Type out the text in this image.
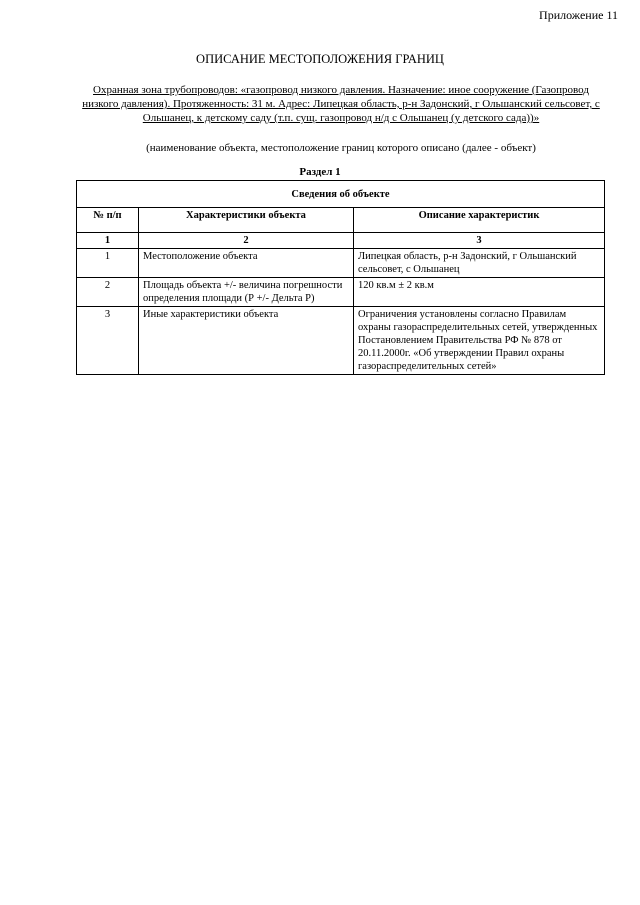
Приложение 11
ОПИСАНИЕ МЕСТОПОЛОЖЕНИЯ ГРАНИЦ
Охранная зона трубопроводов: «газопровод низкого давления. Назначение: иное сооружение (Газопровод низкого давления). Протяженность: 31 м. Адрес: Липецкая область, р-н Задонский, г Ольшанский сельсовет, с Ольшанец, к детскому саду (т.п. сущ. газопровод н/д с Ольшанец (у детского сада))»
(наименование объекта, местоположение границ которого описано (далее - объект)
Раздел 1
Сведения об объекте		
№ п/п	Характеристики объекта	Описание характеристик
1	2	3
1	Местоположение объекта	Липецкая область, р-н Задонский, г Ольшанский сельсовет, с Ольшанец
2	Площадь объекта +/- величина погрешности определения площади (Р +/- Дельта Р)	120 кв.м ± 2 кв.м
3	Иные характеристики объекта	Ограничения установлены согласно Правилам охраны газораспределительных сетей, утвержденных Постановлением Правительства РФ № 878 от 20.11.2000г. «Об утверждении Правил охраны газораспределительных сетей»
